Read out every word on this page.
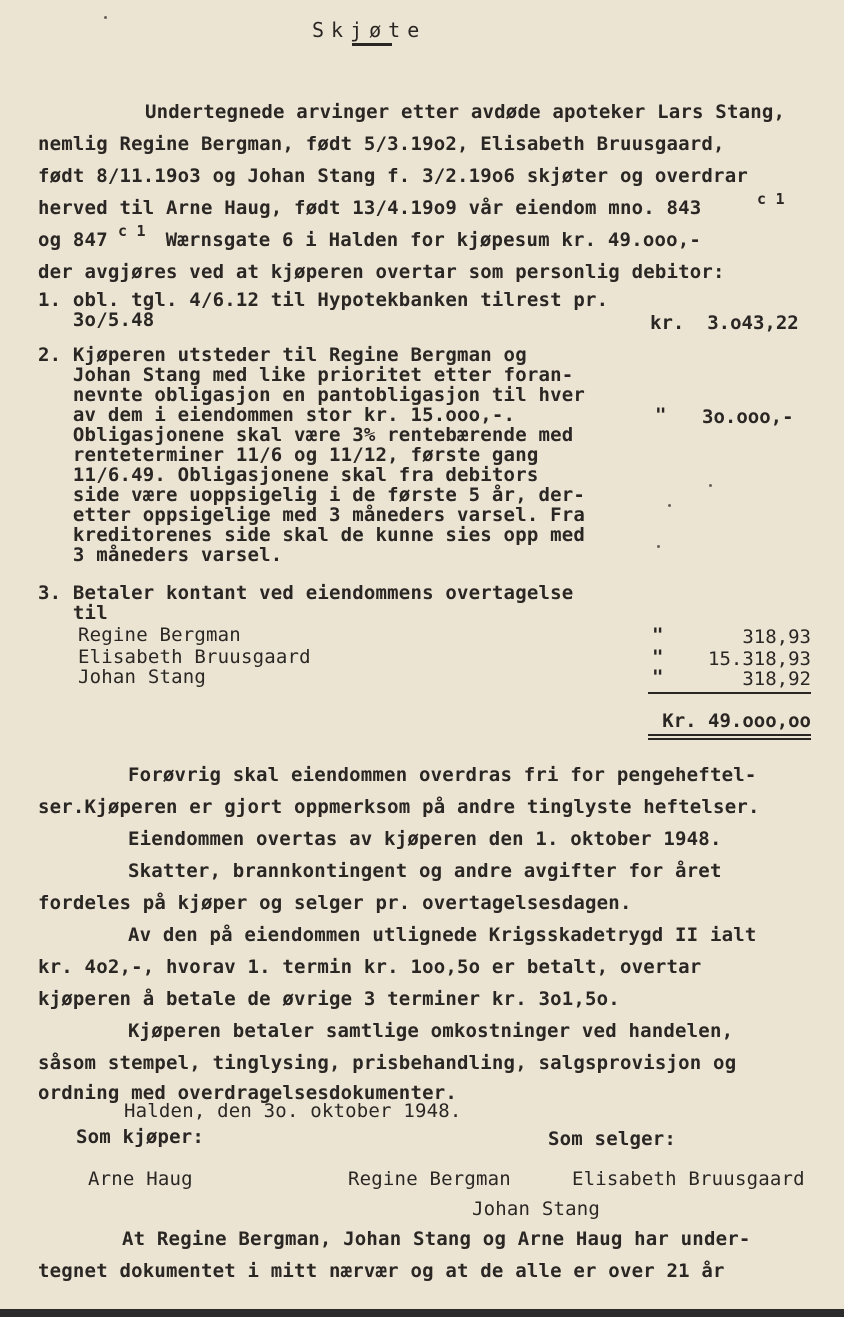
Skjøte
Undertegnede arvinger etter avdøde apoteker Lars Stang,
nemlig Regine Bergman, født 5/3.19o2, Elisabeth Bruusgaard,
født 8/11.19o3 og Johan Stang f. 3/2.19o6 skjøter og overdrar
herved til Arne Haug, født 13/4.19o9 vår eiendom mno. 843	c 1
og 847 c 1 Wærnsgate 6 i Halden for kjøpesum kr. 49.ooo,-
der avgjøres ved at kjøperen overtar som personlig debitor:
1. obl. tgl. 4/6.12 til Hypotekbanken tilrest pr.
3o/5.48	kr.  3.o43,22
2. Kjøperen utsteder til Regine Bergman og
Johan Stang med like prioritet etter foran-
nevnte obligasjon en pantobligasjon til hver
av dem i eiendommen stor kr. 15.ooo,-.
Obligasjonene skal være 3% rentebærende med
renteterminer 11/6 og 11/12, første gang
11/6.49. Obligasjonene skal fra debitors
side være uoppsigelig i de første 5 år, der-
etter oppsigelige med 3 måneders varsel. Fra
kreditorenes side skal de kunne sies opp med
3 måneders varsel.
" 3o.ooo,-
3. Betaler kontant ved eiendommens overtagelse
til
Regine Bergman	"	318,93
Elisabeth Bruusgaard	" 15.318,93
Johan Stang	"	318,92
Kr. 49.ooo,oo
Forøvrig skal eiendommen overdras fri for pengeheftel-
ser.Kjøperen er gjort oppmerksom på andre tinglyste heftelser.
Eiendommen overtas av kjøperen den 1. oktober 1948.
Skatter, brannkontingent og andre avgifter for året
fordeles på kjøper og selger pr. overtagelsesdagen.
Av den på eiendommen utlignede Krigsskadetrygd II ialt
kr. 4o2,-, hvorav 1. termin kr. 1oo,5o er betalt, overtar
kjøperen å betale de øvrige 3 terminer kr. 3o1,5o.
Kjøperen betaler samtlige omkostninger ved handelen,
såsom stempel, tinglysing, prisbehandling, salgsprovisjon og
ordning med overdragelsesdokumenter.
Halden, den 3o. oktober 1948.
Som kjøper:	Som selger:
Arne Haug	Regine Bergman	Elisabeth Bruusgaard
Johan Stang
At Regine Bergman, Johan Stang og Arne Haug har under-
tegnet dokumentet i mitt nærvær og at de alle er over 21 år
